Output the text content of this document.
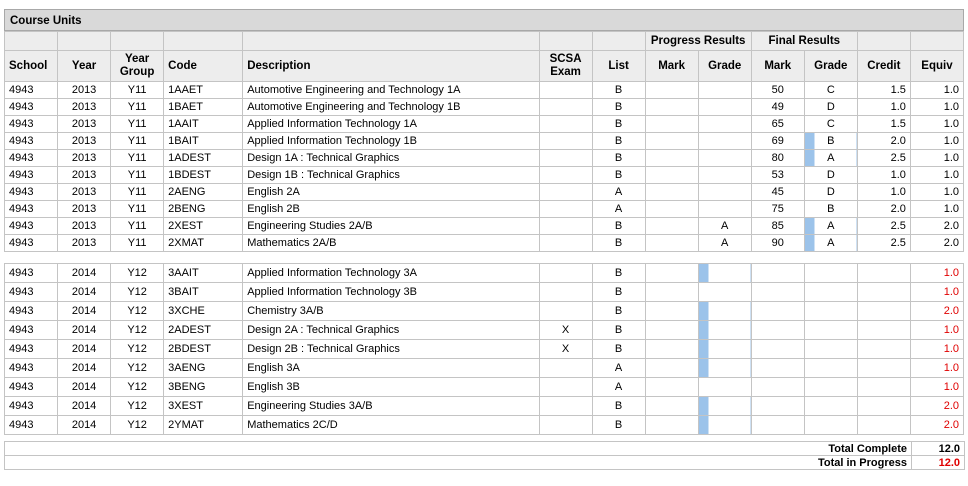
Course Units
							Progress Results		Final Results			
School	Year	Year Group	Code	Description	SCSA Exam	List	Mark	Grade	Mark	Grade	Credit	Equiv
4943	2013	Y11	1AAET	Automotive Engineering and Technology 1A		B			50	C	1.5	1.0
4943	2013	Y11	1BAET	Automotive Engineering and Technology 1B		B			49	D	1.0	1.0
4943	2013	Y11	1AAIT	Applied Information Technology 1A		B			65	C	1.5	1.0
4943	2013	Y11	1BAIT	Applied Information Technology 1B		B			69	B	2.0	1.0
4943	2013	Y11	1ADEST	Design 1A : Technical Graphics		B			80	A	2.5	1.0
4943	2013	Y11	1BDEST	Design 1B : Technical Graphics		B			53	D	1.0	1.0
4943	2013	Y11	2AENG	English 2A		A			45	D	1.0	1.0
4943	2013	Y11	2BENG	English 2B		A			75	B	2.0	1.0
4943	2013	Y11	2XEST	Engineering Studies 2A/B		B		A	85	A	2.5	2.0
4943	2013	Y11	2XMAT	Mathematics 2A/B		B		A	90	A	2.5	2.0

4943	2014	Y12	3AAIT	Applied Information Technology 3A		B						1.0
4943	2014	Y12	3BAIT	Applied Information Technology 3B		B						1.0
4943	2014	Y12	3XCHE	Chemistry 3A/B		B						2.0
4943	2014	Y12	2ADEST	Design 2A : Technical Graphics	X	B						1.0
4943	2014	Y12	2BDEST	Design 2B : Technical Graphics	X	B						1.0
4943	2014	Y12	3AENG	English 3A		A						1.0
4943	2014	Y12	3BENG	English 3B		A						1.0
4943	2014	Y12	3XEST	Engineering Studies 3A/B		B						2.0
4943	2014	Y12	2YMAT	Mathematics 2C/D		B						2.0
Total Complete	12.0
Total in Progress	12.0
